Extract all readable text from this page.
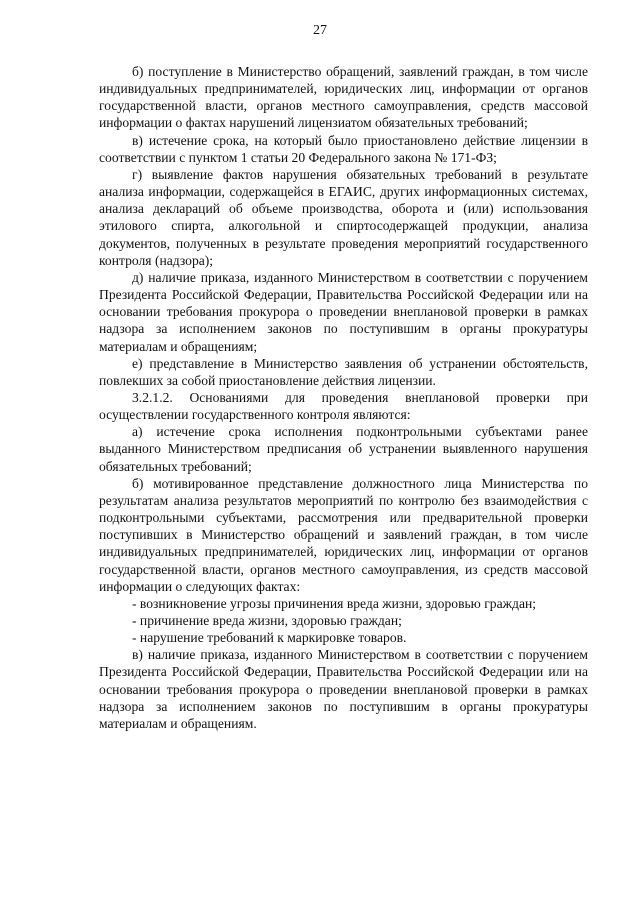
27

б) поступление в Министерство обращений, заявлений граждан, в том числе индивидуальных предпринимателей, юридических лиц, информации от органов государственной власти, органов местного самоуправления, средств массовой информации о фактах нарушений лицензиатом обязательных требований;

в) истечение срока, на который было приостановлено действие лицензии в соответствии с пунктом 1 статьи 20 Федерального закона № 171-ФЗ;

г) выявление фактов нарушения обязательных требований в результате анализа информации, содержащейся в ЕГАИС, других информационных системах, анализа деклараций об объеме производства, оборота и (или) использования этилового спирта, алкогольной и спиртосодержащей продукции, анализа документов, полученных в результате проведения мероприятий государственного контроля (надзора);

д) наличие приказа, изданного Министерством в соответствии с поручением Президента Российской Федерации, Правительства Российской Федерации или на основании требования прокурора о проведении внеплановой проверки в рамках надзора за исполнением законов по поступившим в органы прокуратуры материалам и обращениям;

е) представление в Министерство заявления об устранении обстоятельств, повлекших за собой приостановление действия лицензии.

3.2.1.2. Основаниями для проведения внеплановой проверки при осуществлении государственного контроля являются:

а) истечение срока исполнения подконтрольными субъектами ранее выданного Министерством предписания об устранении выявленного нарушения обязательных требований;

б) мотивированное представление должностного лица Министерства по результатам анализа результатов мероприятий по контролю без взаимодействия с подконтрольными субъектами, рассмотрения или предварительной проверки поступивших в Министерство обращений и заявлений граждан, в том числе индивидуальных предпринимателей, юридических лиц, информации от органов государственной власти, органов местного самоуправления, из средств массовой информации о следующих фактах:

- возникновение угрозы причинения вреда жизни, здоровью граждан;

- причинение вреда жизни, здоровью граждан;

- нарушение требований к маркировке товаров.

в) наличие приказа, изданного Министерством в соответствии с поручением Президента Российской Федерации, Правительства Российской Федерации или на основании требования прокурора о проведении внеплановой проверки в рамках надзора за исполнением законов по поступившим в органы прокуратуры материалам и обращениям.
